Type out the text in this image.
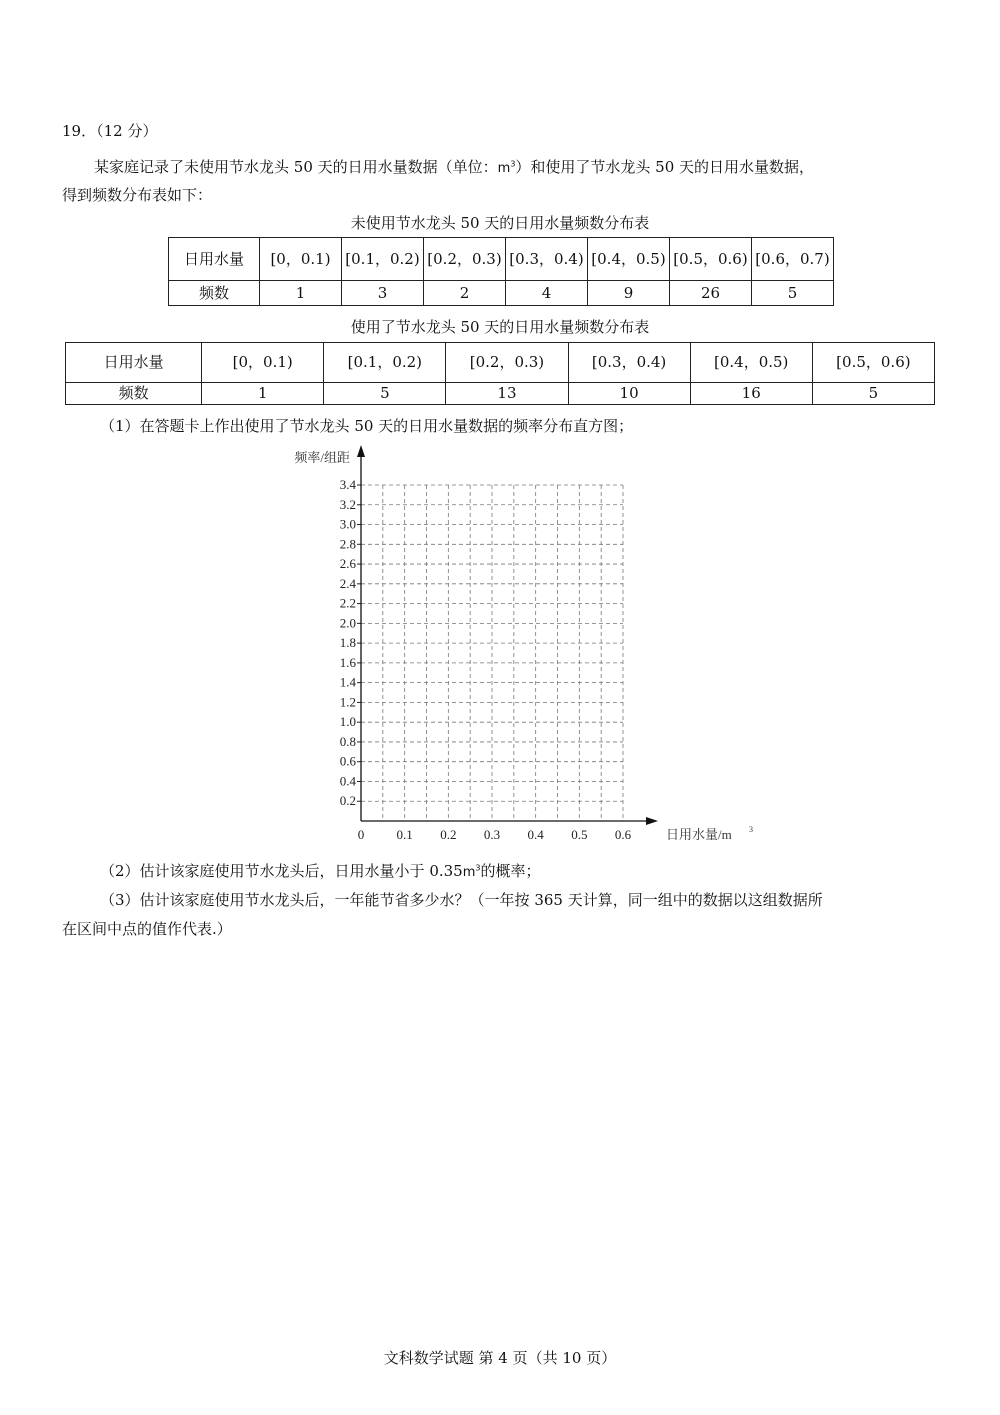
19．（12 分）
某家庭记录了未使用节水龙头 50 天的日用水量数据（单位：$m^3$）和使用了节水龙头 50 天的日用水量数据，
得到频数分布表如下：
未使用节水龙头 50 天的日用水量频数分布表
日用水量	[0，0.1)	[0.1，0.2)	[0.2，0.3)	[0.3，0.4)	[0.4，0.5)	[0.5，0.6)	[0.6，0.7)
频数	1	3	2	4	9	26	5
使用了节水龙头 50 天的日用水量频数分布表
日用水量	[0，0.1)	[0.1，0.2)	[0.2，0.3)	[0.3，0.4)	[0.4，0.5)	[0.5，0.6)
频数	1	5	13	10	16	5
（1）在答题卡上作出使用了节水龙头 50 天的日用水量数据的频率分布直方图；
0.2
0.4
0.6
0.8
1.0
1.2
1.4
1.6
1.8
2.0
2.2
2.4
2.6
2.8
3.0
3.2
3.4
0.1 0.2 0.3 0.4 0.5 0.6
0
频率/组距
日用水量/m 3
（2）估计该家庭使用节水龙头后，日用水量小于 $0.35m^3$的概率；
（3）估计该家庭使用节水龙头后，一年能节省多少水？（一年按 365 天计算，同一组中的数据以这组数据所
在区间中点的值作代表.）
文科数学试题 第 4 页（共 10 页）
